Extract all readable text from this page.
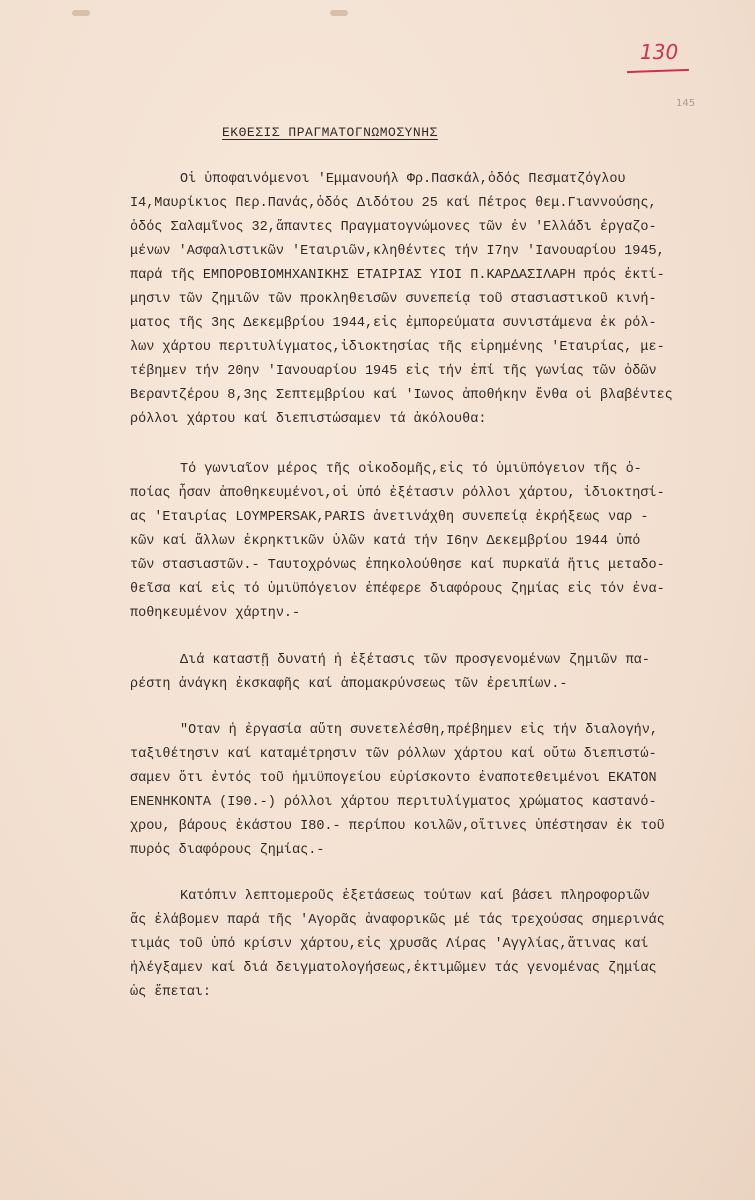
130
145
ΕΚΘΕΣΙΣ ΠΡΑΓΜΑΤΟΓΝΩΜΟΣΥΝΗΣ
Οἱ ὑποφαινόμενοι 'Εμμανουήλ Φρ.Πασκάλ,ὁδός Πεσματζόγλου
Ι4,Μαυρίκιος Περ.Πανάς,ὁδός Διδότου 25 καί Πέτρος θεμ.Γιαννούσης,
ὁδός Σαλαμῖνος 32,ἅπαντες Πραγματογνώμονες τῶν ἐν 'Ελλάδι ἐργαζο-
μένων 'Ασφαλιστικῶν 'Εταιριῶν,κληθέντες τήν Ι7ην 'Ιανουαρίου 1945,
παρά τῆς ΕΜΠΟΡΟΒΙΟΜΗΧΑΝΙΚΗΣ ΕΤΑΙΡΙΑΣ ΥΙΟΙ Π.ΚΑΡΔΑΣΙΛΑΡΗ πρός ἐκτί-
μησιν τῶν ζημιῶν τῶν προκληθεισῶν συνεπείᾳ τοῦ στασιαστικοῦ κινή-
ματος τῆς 3ης Δεκεμβρίου 1944,εἰς ἐμπορεύματα συνιστάμενα ἐκ ρόλ-
λων χάρτου περιτυλίγματος,ἰδιοκτησίας τῆς εἰρημένης 'Εταιρίας, με-
τέβημεν τήν 20ην 'Ιανουαρίου 1945 εἰς τήν ἐπί τῆς γωνίας τῶν ὁδῶν
Βεραντζέρου 8,3ης Σεπτεμβρίου καί 'Ιωνος ἀποθήκην ἔνθα οἱ βλαβέντες
ρόλλοι χάρτου καί διεπιστώσαμεν τά ἀκόλουθα:
Τό γωνιαῖον μέρος τῆς οἰκοδομῆς,εἰς τό ὑμιϋπόγειον τῆς ὁ-
ποίας ἦσαν ἀποθηκευμένοι,οἱ ὑπό ἐξέτασιν ρόλλοι χάρτου, ἰδιοκτησί-
ας 'Εταιρίας LOYMPERSAK,PARIS ἀνετινάχθη συνεπείᾳ ἐκρήξεως ναρ -
κῶν καί ἄλλων ἐκρηκτικῶν ὑλῶν κατά τήν Ι6ην Δεκεμβρίου 1944 ὑπό
τῶν στασιαστῶν.- Ταυτοχρόνως ἐπηκολούθησε καί πυρκαϊά ἥτις μεταδο-
θεῖσα καί εἰς τό ὑμιϋπόγειον ἐπέφερε διαφόρους ζημίας εἰς τόν ἐνα-
ποθηκευμένον χάρτην.-
Διά καταστῇ δυνατή ἡ ἐξέτασις τῶν προσγενομένων ζημιῶν πα-
ρέστη ἀνάγκη ἐκσκαφῆς καί ἀπομακρύνσεως τῶν ἐρειπίων.-
"Οταν ἡ ἐργασία αὕτη συνετελέσθη,πρέβημεν εἰς τήν διαλογήν,
ταξιθέτησιν καί καταμέτρησιν τῶν ρόλλων χάρτου καί οὕτω διεπιστώ-
σαμεν ὅτι ἐντός τοῦ ἡμιϋπογείου εὑρίσκοντο ἐναποτεθειμένοι ΕΚΑΤΟΝ
ΕΝΕΝΗΚΟΝΤΑ (Ι90.-) ρόλλοι χάρτου περιτυλίγματος χρώματος καστανό-
χρου, βάρους ἑκάστου Ι80.- περίπου κοιλῶν,οἵτινες ὑπέστησαν ἐκ τοῦ
πυρός διαφόρους ζημίας.-
Κατόπιν λεπτομεροῦς ἐξετάσεως τούτων καί βάσει πληροφοριῶν
ἅς ἐλάβομεν παρά τῆς 'Αγορᾶς ἀναφορικῶς μέ τάς τρεχούσας σημερινάς
τιμάς τοῦ ὑπό κρίσιν χάρτου,εἰς χρυσᾶς Λίρας 'Αγγλίας,ἅτινας καί
ἠλέγξαμεν καί διά δειγματολογήσεως,ἐκτιμῶμεν τάς γενομένας ζημίας
ὡς ἕπεται:
